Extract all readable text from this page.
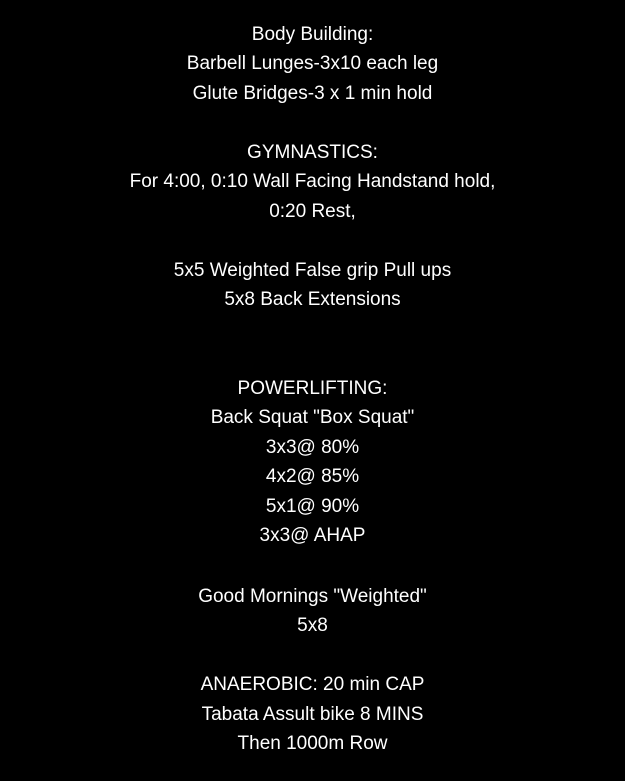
Body Building:
Barbell Lunges-3x10 each leg
Glute Bridges-3 x 1 min hold
GYMNASTICS:
For 4:00, 0:10 Wall Facing Handstand hold,
0:20 Rest,
5x5 Weighted False grip Pull ups
5x8 Back Extensions
POWERLIFTING:
Back Squat "Box Squat"
3x3@ 80%
4x2@ 85%
5x1@ 90%
3x3@ AHAP
Good Mornings "Weighted"
5x8
ANAEROBIC: 20 min CAP
Tabata Assult bike 8 MINS
Then 1000m Row
